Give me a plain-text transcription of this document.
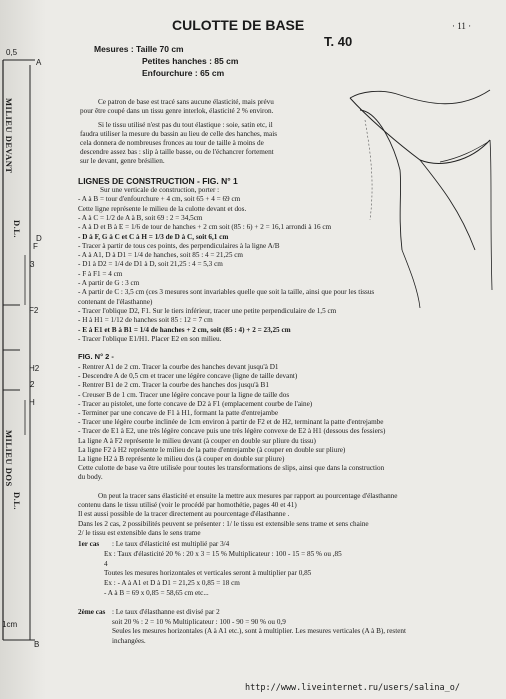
0,5
A
D
F
F2
H2
H
B
3
2
1cm
MILIEU DEVANT
MILIEU DOS
D.L.
D.L.
CULOTTE DE BASE
T. 40
· 11 ·
Mesures : Taille 70 cm
Petites hanches : 85 cm
Enfourchure : 65 cm
Ce patron de base est tracé sans aucune élasticité, mais prévu
pour être coupé dans un tissu genre interlok, élasticité 2 % environ.
Si le tissu utilisé n'est pas du tout élastique : soie, satin etc, il
faudra utiliser la mesure du bassin au lieu de celle des hanches, mais
cela donnera de nombreuses fronces au tour de taille à moins de
descendre assez bas : slip à taille basse, ou de l'échancrer fortement
sur le devant, genre brésilien.
LIGNES DE CONSTRUCTION - FIG. N° 1
Sur une verticale de construction, porter :
- A à B = tour d'enfourchure + 4 cm, soit 65 + 4 = 69 cm
Cette ligne représente le milieu de la culotte devant et dos.
- A à C = 1/2 de A à B, soit 69 : 2 = 34,5cm
- A à D et B à E = 1/6 de tour de hanches + 2 cm soit (85 : 6) + 2 = 16,1 arrondi à 16 cm
- D à F, G à C et C à H = 1/3 de D à C, soit 6,1 cm
- Tracer à partir de tous ces points, des perpendiculaires à la ligne A/B
- A à A1, D à D1 = 1/4 de hanches, soit 85 : 4 = 21,25 cm
- D1 à D2 = 1/4 de D1 à D, soit 21,25 : 4 = 5,3 cm
- F à F1 = 4 cm
- A partir de G : 3 cm
- A partir de C : 3,5 cm (ces 3 mesures sont invariables quelle que soit la taille, ainsi que pour les tissus
contenant de l'élasthanne)
- Tracer l'oblique D2, F1. Sur le tiers inférieur, tracer une petite perpendiculaire de 1,5 cm
- H à H1 = 1/12 de hanches soit 85 : 12 = 7 cm
- E à E1 et B à B1 = 1/4 de hanches + 2 cm, soit (85 : 4) + 2 = 23,25 cm
- Tracer l'oblique E1/H1. Placer E2 en son milieu.
FIG. N° 2 -
- Rentrer A1 de 2 cm. Tracer la courbe des hanches devant jusqu'à D1
- Descendre A de 0,5 cm et tracer une légère concave (ligne de taille devant)
- Rentrer B1 de 2 cm. Tracer la courbe des hanches dos jusqu'à B1
- Creuser B de 1 cm. Tracer une légère concave pour la ligne de taille dos
- Tracer au pistolet, une forte concave de D2 à F1 (emplacement courbe de l'aine)
- Terminer par une concave de F1 à H1, formant la patte d'entrejambe
- Tracer une légère courbe inclinée de 1cm environ à partir de F2 et de H2, terminant la patte d'entrejambe
- Tracer de E1 à E2, une très légère concave puis une très légère convexe de E2 à H1 (dessous des fessiers)
La ligne A à F2 représente le milieu devant (à couper en double sur pliure du tissu)
La ligne F2 à H2 représente le milieu de la patte d'entrejambe (à couper en double sur pliure)
La ligne H2 à B représente le milieu dos (à couper en double sur pliure)
Cette culotte de base va être utilisée pour toutes les transformations de slips, ainsi que dans la construction
du body.
On peut la tracer sans élasticité et ensuite la mettre aux mesures par rapport au pourcentage d'élasthanne
contenu dans le tissu utilisé (voir le procédé par homothétie, pages 40 et 41)
Il est aussi possible de la tracer directement au pourcentage d'élasthanne .
Dans les 2 cas, 2 possibilités peuvent se présenter : 1/ le tissu est extensible sens trame et sens chaine
2/ le tissu est extensible dans le sens trame
1er cas : Le taux d'élasticité est multiplié par 3/4
Ex : Taux d'élasticité 20 % : 20 x 3 = 15 % Multiplicateur : 100 - 15 = 85 % ou ,85
4
Toutes les mesures horizontales et verticales seront à multiplier par 0,85
Ex : - A à A1 et D à D1 = 21,25 x 0,85 = 18 cm
- A à B = 69 x 0,85 = 58,65 cm etc...
2ème cas : Le taux d'élasthanne est divisé par 2
soit 20 % : 2 = 10 % Multiplicateur : 100 - 90 = 90 % ou 0,9
Seules les mesures horizontales (A à A1 etc.), sont à multiplier. Les mesures verticales (A à B), restent
inchangées.
http://www.liveinternet.ru/users/salina_o/
